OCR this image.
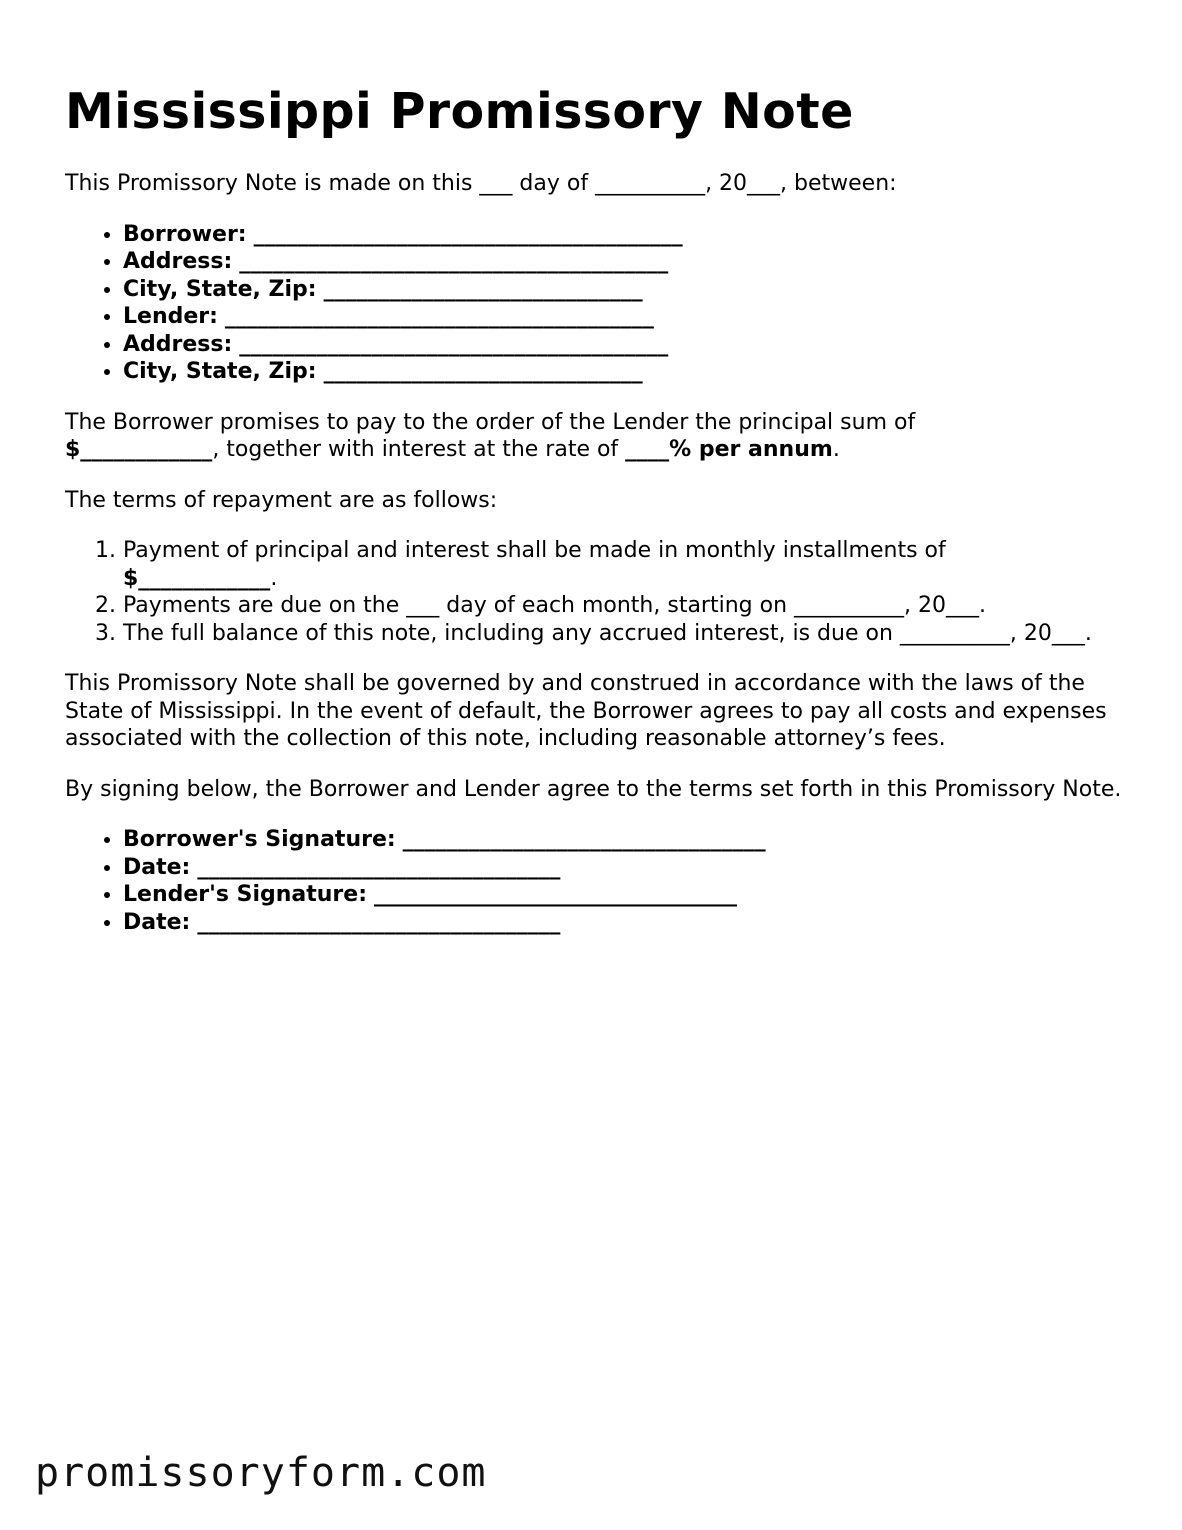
Mississippi Promissory Note

This Promissory Note is made on this ___ day of __________, 20___, between:

• Borrower: _______________________________________
• Address: _______________________________________
• City, State, Zip: _____________________________
• Lender: _______________________________________
• Address: _______________________________________
• City, State, Zip: _____________________________

The Borrower promises to pay to the order of the Lender the principal sum of
$____________, together with interest at the rate of ____% per annum.

The terms of repayment are as follows:

1. Payment of principal and interest shall be made in monthly installments of
$____________.
2. Payments are due on the ___ day of each month, starting on __________, 20___.
3. The full balance of this note, including any accrued interest, is due on __________, 20___.

This Promissory Note shall be governed by and construed in accordance with the laws of the State of Mississippi. In the event of default, the Borrower agrees to pay all costs and expenses associated with the collection of this note, including reasonable attorney’s fees.

By signing below, the Borrower and Lender agree to the terms set forth in this Promissory Note.

• Borrower's Signature: _________________________________
• Date: _________________________________
• Lender's Signature: _________________________________
• Date: _________________________________
promissoryform.com
